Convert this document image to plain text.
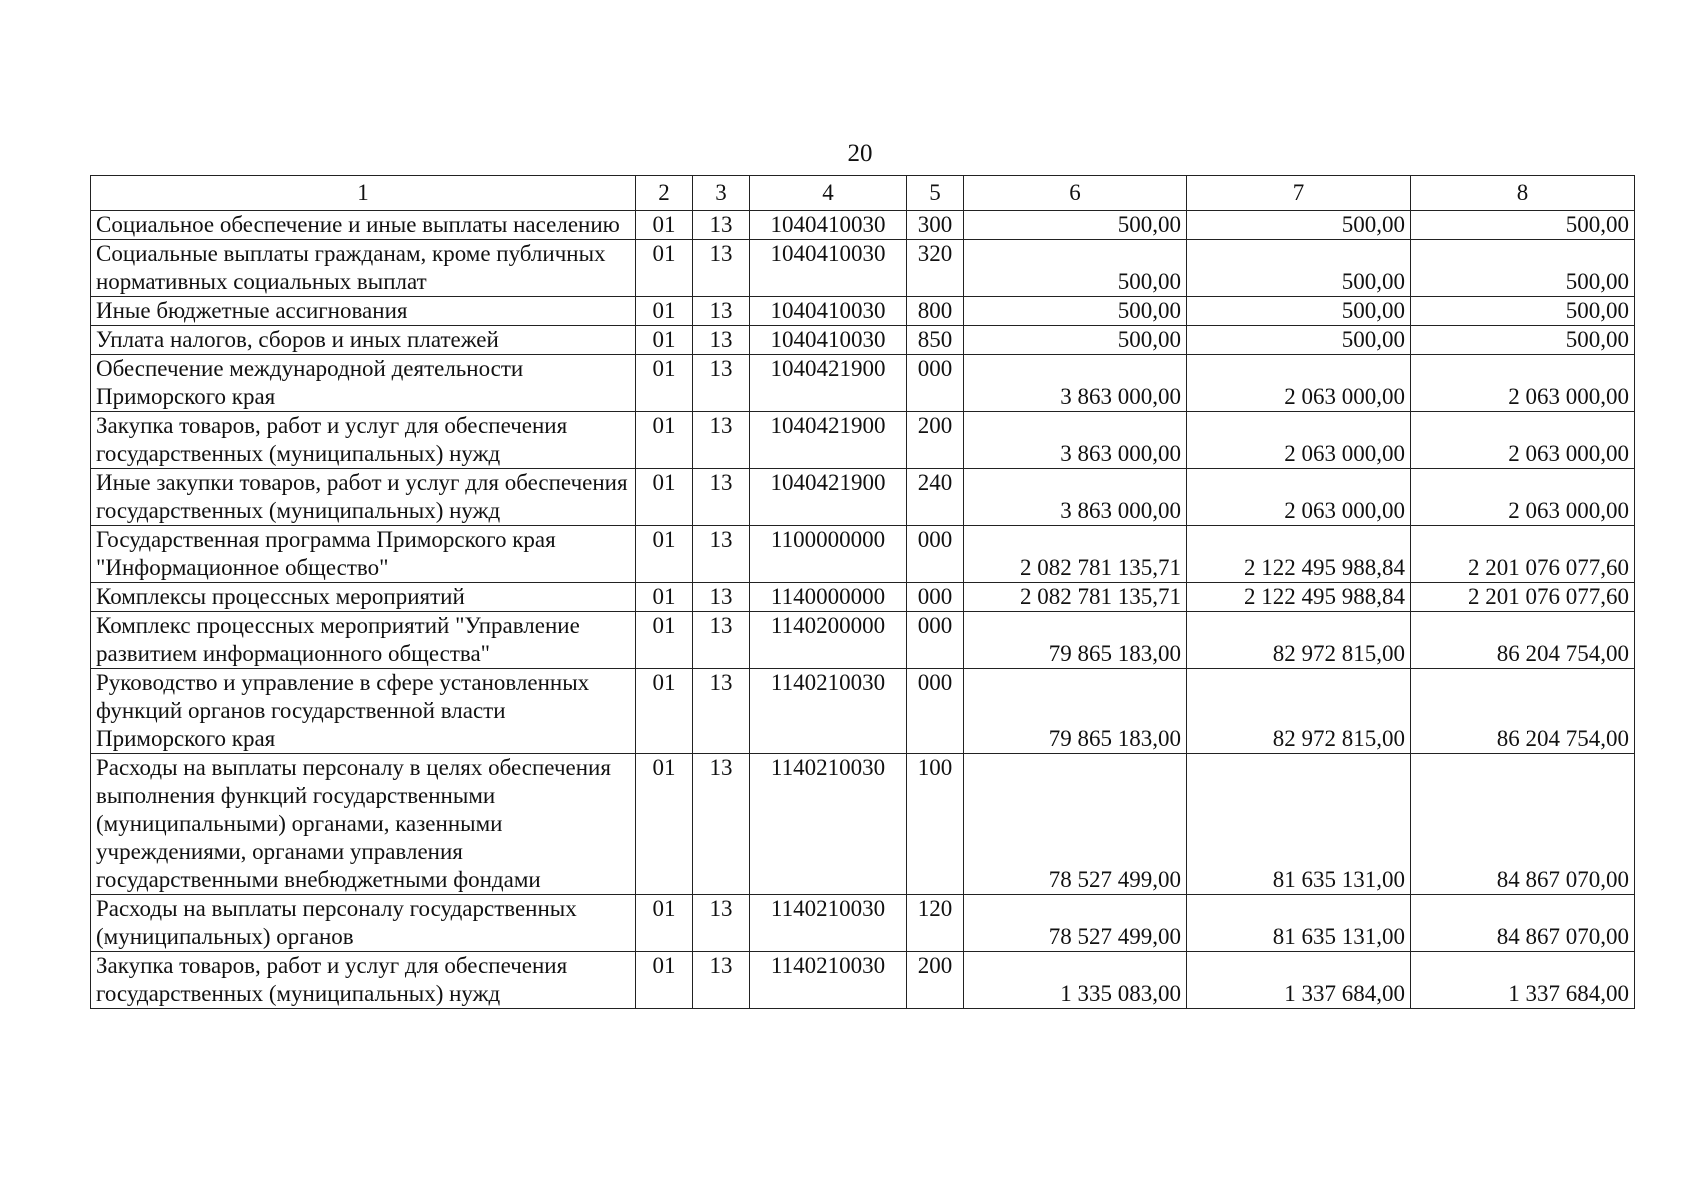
20
1	2	3	4	5	6	7	8
Социальное обеспечение и иные выплаты населению	01	13	1040410030	300	500,00	500,00	500,00
Социальные выплаты гражданам, кроме публичных нормативных социальных выплат	01	13	1040410030	320	500,00	500,00	500,00
Иные бюджетные ассигнования	01	13	1040410030	800	500,00	500,00	500,00
Уплата налогов, сборов и иных платежей	01	13	1040410030	850	500,00	500,00	500,00
Обеспечение международной деятельности Приморского края	01	13	1040421900	000	3 863 000,00	2 063 000,00	2 063 000,00
Закупка товаров, работ и услуг для обеспечения государственных (муниципальных) нужд	01	13	1040421900	200	3 863 000,00	2 063 000,00	2 063 000,00
Иные закупки товаров, работ и услуг для обеспечения государственных (муниципальных) нужд	01	13	1040421900	240	3 863 000,00	2 063 000,00	2 063 000,00
Государственная программа Приморского края "Информационное общество"	01	13	1100000000	000	2 082 781 135,71	2 122 495 988,84	2 201 076 077,60
Комплексы процессных мероприятий	01	13	1140000000	000	2 082 781 135,71	2 122 495 988,84	2 201 076 077,60
Комплекс процессных мероприятий "Управление развитием информационного общества"	01	13	1140200000	000	79 865 183,00	82 972 815,00	86 204 754,00
Руководство и управление в сфере установленных функций органов государственной власти Приморского края	01	13	1140210030	000	79 865 183,00	82 972 815,00	86 204 754,00
Расходы на выплаты персоналу в целях обеспечения выполнения функций государственными (муниципальными) органами, казенными учреждениями, органами управления государственными внебюджетными фондами	01	13	1140210030	100	78 527 499,00	81 635 131,00	84 867 070,00
Расходы на выплаты персоналу государственных (муниципальных) органов	01	13	1140210030	120	78 527 499,00	81 635 131,00	84 867 070,00
Закупка товаров, работ и услуг для обеспечения государственных (муниципальных) нужд	01	13	1140210030	200	1 335 083,00	1 337 684,00	1 337 684,00
